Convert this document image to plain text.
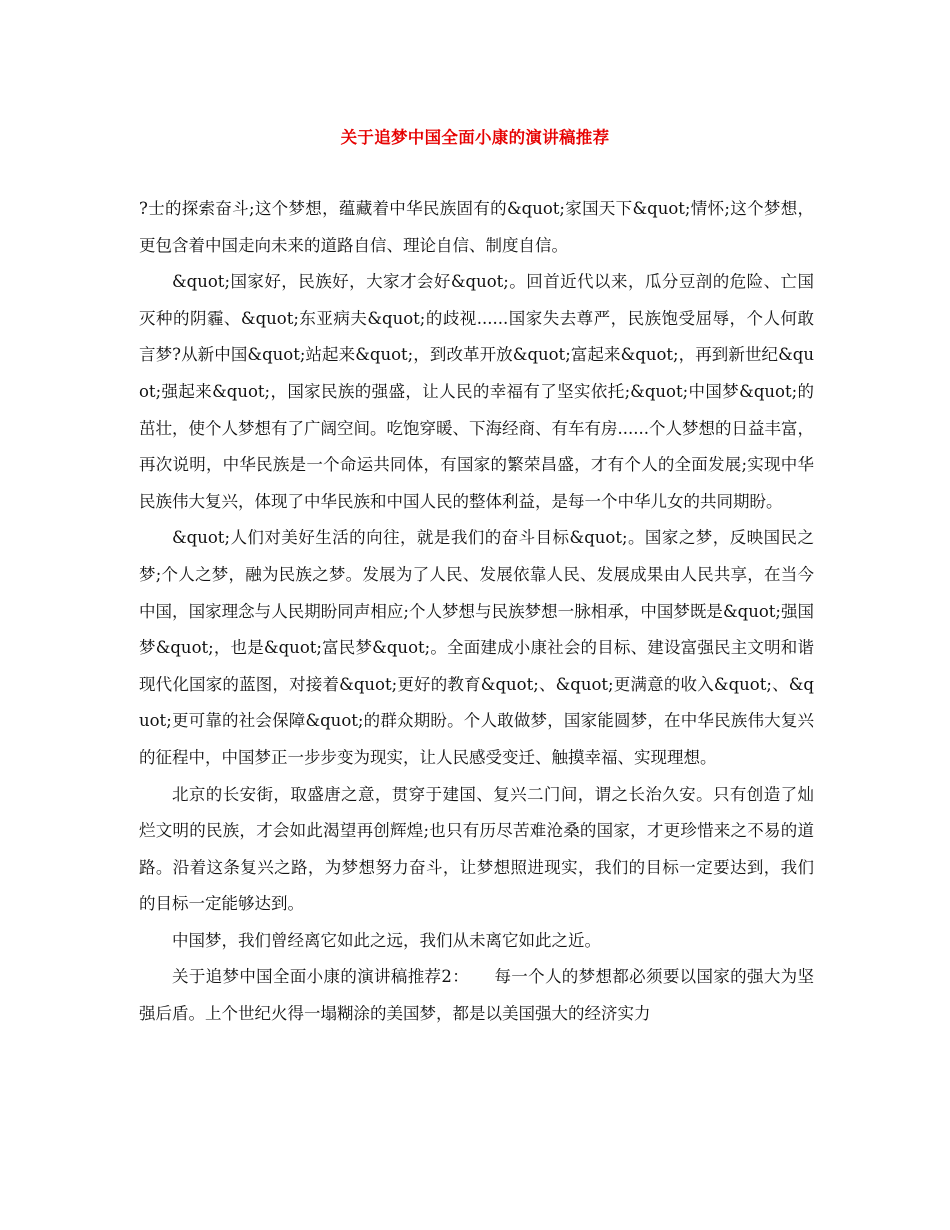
关于追梦中国全面小康的演讲稿推荐

?士的探索奋斗;这个梦想，蕴藏着中华民族固有的&quot;家国天下&quot;情怀;这个梦想，更包含着中国走向未来的道路自信、理论自信、制度自信。

&quot;国家好，民族好，大家才会好&quot;。回首近代以来，瓜分豆剖的危险、亡国灭种的阴霾、&quot;东亚病夫&quot;的歧视......国家失去尊严，民族饱受屈辱，个人何敢言梦?从新中国&quot;站起来&quot;，到改革开放&quot;富起来&quot;，再到新世纪&quot;强起来&quot;，国家民族的强盛，让人民的幸福有了坚实依托;&quot;中国梦&quot;的茁壮，使个人梦想有了广阔空间。吃饱穿暖、下海经商、有车有房......个人梦想的日益丰富，再次说明，中华民族是一个命运共同体，有国家的繁荣昌盛，才有个人的全面发展;实现中华民族伟大复兴，体现了中华民族和中国人民的整体利益，是每一个中华儿女的共同期盼。

&quot;人们对美好生活的向往，就是我们的奋斗目标&quot;。国家之梦，反映国民之梦;个人之梦，融为民族之梦。发展为了人民、发展依靠人民、发展成果由人民共享，在当今中国，国家理念与人民期盼同声相应;个人梦想与民族梦想一脉相承，中国梦既是&quot;强国梦&quot;，也是&quot;富民梦&quot;。全面建成小康社会的目标、建设富强民主文明和谐现代化国家的蓝图，对接着&quot;更好的教育&quot;、&quot;更满意的收入&quot;、&quot;更可靠的社会保障&quot;的群众期盼。个人敢做梦，国家能圆梦，在中华民族伟大复兴的征程中，中国梦正一步步变为现实，让人民感受变迁、触摸幸福、实现理想。

北京的长安街，取盛唐之意，贯穿于建国、复兴二门间，谓之长治久安。只有创造了灿烂文明的民族，才会如此渴望再创辉煌;也只有历尽苦难沧桑的国家，才更珍惜来之不易的道路。沿着这条复兴之路，为梦想努力奋斗，让梦想照进现实，我们的目标一定要达到，我们的目标一定能够达到。

中国梦，我们曾经离它如此之远，我们从未离它如此之近。

关于追梦中国全面小康的演讲稿推荐2：　　每一个人的梦想都必须要以国家的强大为坚强后盾。上个世纪火得一塌糊涂的美国梦，都是以美国强大的经济实力
